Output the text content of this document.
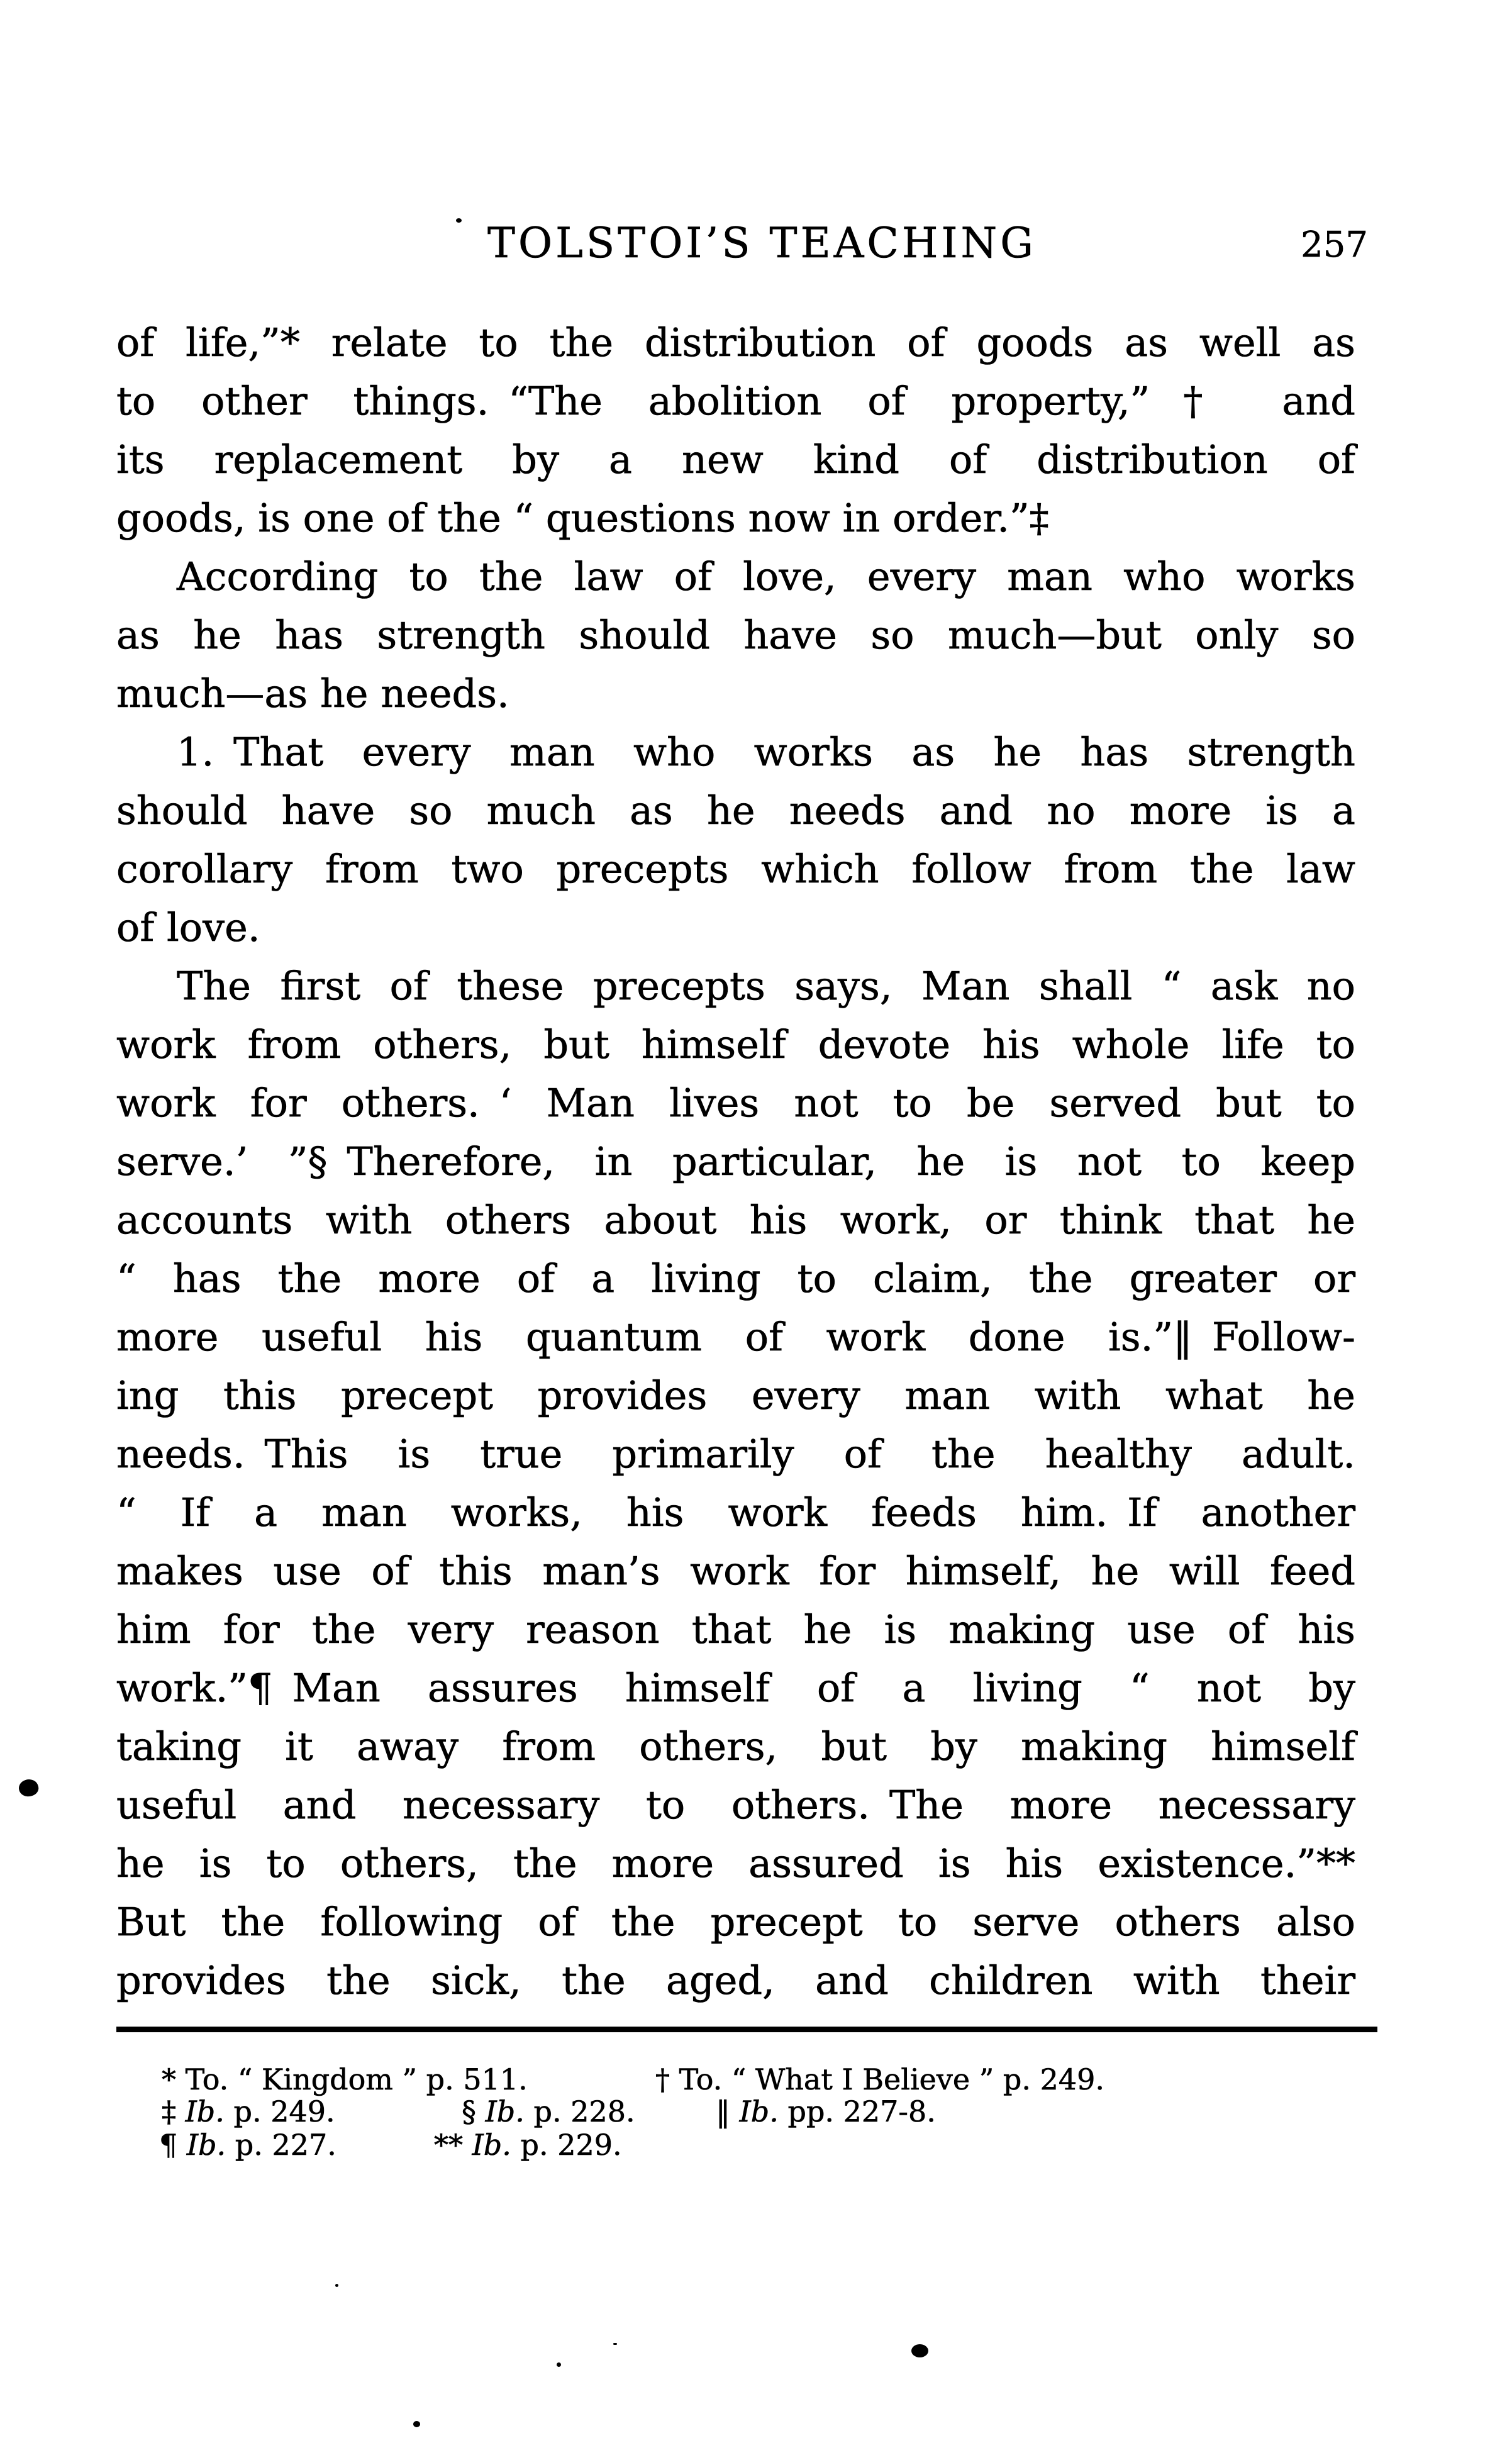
TOLSTOI’S TEACHING	257
of life,”* relate to the distribution of goods as well as
to other things. “The abolition of property,”† and
its replacement by a new kind of distribution of
goods, is one of the “ questions now in order.”‡
According to the law of love, every man who works
as he has strength should have so much—but only so
much—as he needs.
1. That every man who works as he has strength
should have so much as he needs and no more is a
corollary from two precepts which follow from the law
of love.
The first of these precepts says, Man shall “ ask no
work from others, but himself devote his whole life to
work for others. ‘ Man lives not to be served but to
serve.’ ”§ Therefore, in particular, he is not to keep
accounts with others about his work, or think that he
“ has the more of a living to claim, the greater or
more useful his quantum of work done is.”‖ Follow-
ing this precept provides every man with what he
needs. This is true primarily of the healthy adult.
“ If a man works, his work feeds him. If another
makes use of this man’s work for himself, he will feed
him for the very reason that he is making use of his
work.”¶ Man assures himself of a living “ not by
taking it away from others, but by making himself
useful and necessary to others. The more necessary
he is to others, the more assured is his existence.”**
But the following of the precept to serve others also
provides the sick, the aged, and children with their
* To. “ Kingdom ” p. 511.	† To. “ What I Believe ” p. 249.
‡ Ib. p. 249.	§ Ib. p. 228.	‖ Ib. pp. 227-8.
¶ Ib. p. 227.	** Ib. p. 229.
